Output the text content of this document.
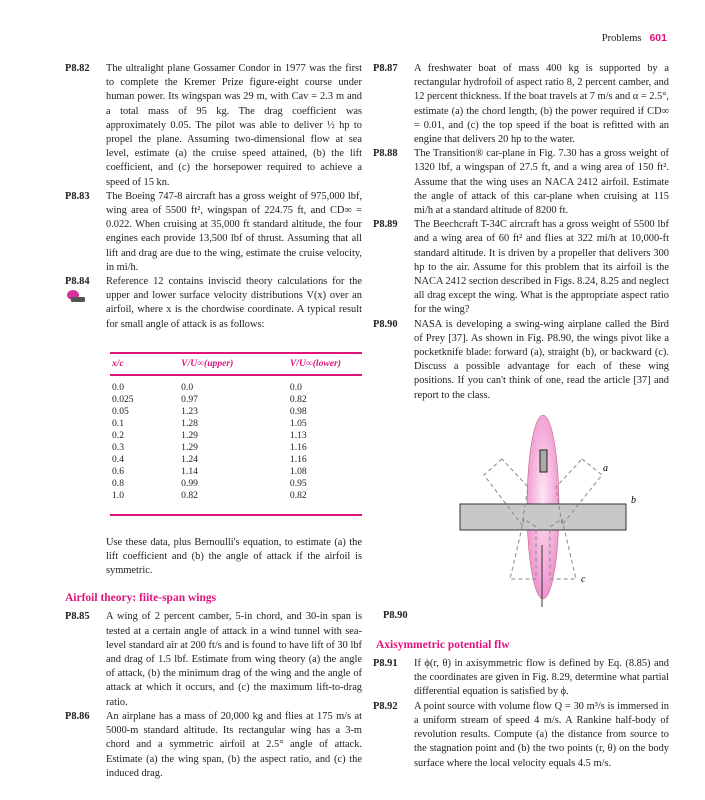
Problems 601
P8.82 The ultralight plane Gossamer Condor in 1977 was the first to complete the Kremer Prize figure-eight course under human power. Its wingspan was 29 m, with Cav = 2.3 m and a total mass of 95 kg. The drag coefficient was approximately 0.05. The pilot was able to deliver ½ hp to propel the plane. Assuming two-dimensional flow at sea level, estimate (a) the cruise speed attained, (b) the lift coefficient, and (c) the horsepower required to achieve a speed of 15 kn.
P8.83 The Boeing 747-8 aircraft has a gross weight of 975,000 lbf, wing area of 5500 ft², wingspan of 224.75 ft, and CD∞ = 0.022. When cruising at 35,000 ft standard altitude, the four engines each provide 13,500 lbf of thrust. Assuming that all lift and drag are due to the wing, estimate the cruise velocity, in mi/h.
P8.84 Reference 12 contains inviscid theory calculations for the upper and lower surface velocity distributions V(x) over an airfoil, where x is the chordwise coordinate. A typical result for small angle of attack is as follows:
x/c	V/U∞(upper)	V/U∞(lower)
0.0	0.0	0.0
0.025	0.97	0.82
0.05	1.23	0.98
0.1	1.28	1.05
0.2	1.29	1.13
0.3	1.29	1.16
0.4	1.24	1.16
0.6	1.14	1.08
0.8	0.99	0.95
1.0	0.82	0.82
Use these data, plus Bernoulli's equation, to estimate (a) the lift coefficient and (b) the angle of attack if the airfoil is symmetric.
Airfoil theory: fiite-span wings
P8.85 A wing of 2 percent camber, 5-in chord, and 30-in span is tested at a certain angle of attack in a wind tunnel with sea-level standard air at 200 ft/s and is found to have lift of 30 lbf and drag of 1.5 lbf. Estimate from wing theory (a) the angle of attack, (b) the minimum drag of the wing and the angle of attack at which it occurs, and (c) the maximum lift-to-drag ratio.
P8.86 An airplane has a mass of 20,000 kg and flies at 175 m/s at 5000-m standard altitude. Its rectangular wing has a 3-m chord and a symmetric airfoil at 2.5° angle of attack. Estimate (a) the wing span, (b) the aspect ratio, and (c) the induced drag.
P8.87 A freshwater boat of mass 400 kg is supported by a rectangular hydrofoil of aspect ratio 8, 2 percent camber, and 12 percent thickness. If the boat travels at 7 m/s and α = 2.5°, estimate (a) the chord length, (b) the power required if CD∞ = 0.01, and (c) the top speed if the boat is refitted with an engine that delivers 20 hp to the water.
P8.88 The Transition® car-plane in Fig. 7.30 has a gross weight of 1320 lbf, a wingspan of 27.5 ft, and a wing area of 150 ft². Assume that the wing uses an NACA 2412 airfoil. Estimate the angle of attack of this car-plane when cruising at 115 mi/h at a standard altitude of 8200 ft.
P8.89 The Beechcraft T-34C aircraft has a gross weight of 5500 lbf and a wing area of 60 ft² and flies at 322 mi/h at 10,000-ft standard altitude. It is driven by a propeller that delivers 300 hp to the air. Assume for this problem that its airfoil is the NACA 2412 section described in Figs. 8.24, 8.25 and neglect all drag except the wing. What is the appropriate aspect ratio for the wing?
P8.90 NASA is developing a swing-wing airplane called the Bird of Prey [37]. As shown in Fig. P8.90, the wings pivot like a pocketknife blade: forward (a), straight (b), or backward (c). Discuss a possible advantage for each of these wing positions. If you can't think of one, read the article [37] and report to the class.
a
b
c
P8.90
Axisymmetric potential flw
P8.91 If ϕ(r, θ) in axisymmetric flow is defined by Eq. (8.85) and the coordinates are given in Fig. 8.29, determine what partial differential equation is satisfied by ϕ.
P8.92 A point source with volume flow Q = 30 m³/s is immersed in a uniform stream of speed 4 m/s. A Rankine half-body of revolution results. Compute (a) the distance from source to the stagnation point and (b) the two points (r, θ) on the body surface where the local velocity equals 4.5 m/s.
